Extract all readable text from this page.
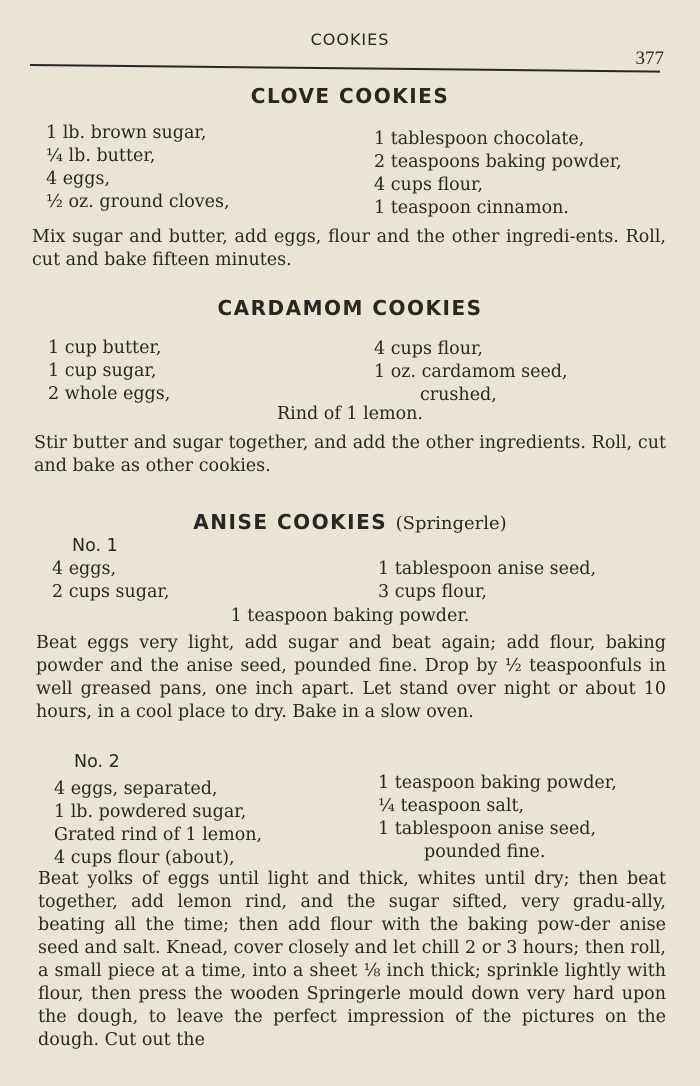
COOKIES
377
CLOVE COOKIES
1 lb. brown sugar,
¼ lb. butter,
4 eggs,
½ oz. ground cloves,
1 tablespoon chocolate,
2 teaspoons baking powder,
4 cups flour,
1 teaspoon cinnamon.

Mix sugar and butter, add eggs, flour and the other ingredi-ents. Roll, cut and bake fifteen minutes.

CARDAMOM COOKIES
1 cup butter,
1 cup sugar,
2 whole eggs,
4 cups flour,
1 oz. cardamom seed,
crushed,
Rind of 1 lemon.

Stir butter and sugar together, and add the other ingredients. Roll, cut and bake as other cookies.

ANISE COOKIES (Springerle)
No. 1
4 eggs,
2 cups sugar,
1 tablespoon anise seed,
3 cups flour,
1 teaspoon baking powder.

Beat eggs very light, add sugar and beat again; add flour, baking powder and the anise seed, pounded fine. Drop by ½ teaspoonfuls in well greased pans, one inch apart. Let stand over night or about 10 hours, in a cool place to dry. Bake in a slow oven.

No. 2
4 eggs, separated,
1 lb. powdered sugar,
Grated rind of 1 lemon,
4 cups flour (about),
1 teaspoon baking powder,
¼ teaspoon salt,
1 tablespoon anise seed,
pounded fine.

Beat yolks of eggs until light and thick, whites until dry; then beat together, add lemon rind, and the sugar sifted, very gradu-ally, beating all the time; then add flour with the baking pow-der anise seed and salt. Knead, cover closely and let chill 2 or 3 hours; then roll, a small piece at a time, into a sheet ⅛ inch thick; sprinkle lightly with flour, then press the wooden Springerle mould down very hard upon the dough, to leave the perfect impression of the pictures on the dough. Cut out the
